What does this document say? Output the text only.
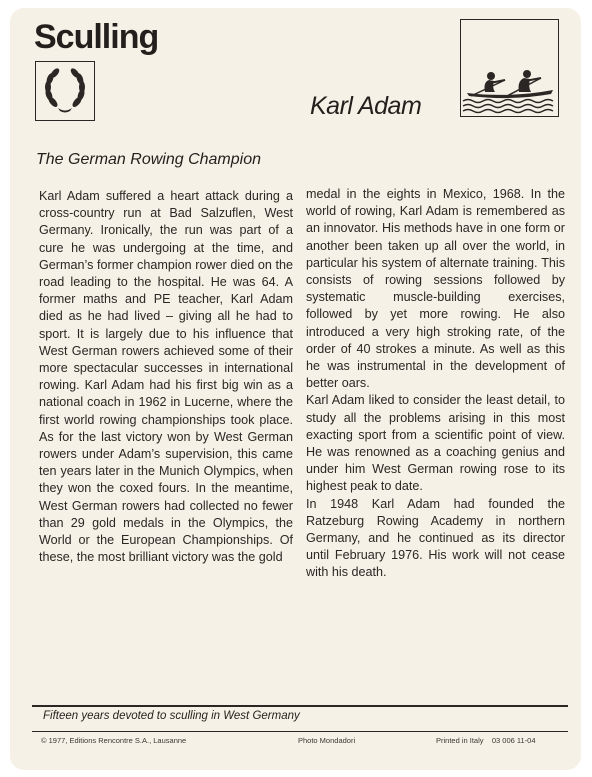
Sculling
Karl Adam
The German Rowing Champion

Karl Adam suffered a heart attack during a cross-country run at Bad Salzuflen, West Germany. Ironically, the run was part of a cure he was undergoing at the time, and German’s former champion rower died on the road leading to the hospital. He was 64. A former maths and PE teacher, Karl Adam died as he had lived – giving all he had to sport. It is largely due to his influence that West German rowers achieved some of their more spectacular successes in international rowing. Karl Adam had his first big win as a national coach in 1962 in Lucerne, where the first world rowing championships took place. As for the last victory won by West German rowers under Adam’s supervision, this came ten years later in the Munich Olympics, when they won the coxed fours. In the meantime, West German rowers had collected no fewer than 29 gold medals in the Olympics, the World or the European Championships. Of these, the most brilliant victory was the gold

medal in the eights in Mexico, 1968. In the world of rowing, Karl Adam is remembered as an innovator. His methods have in one form or another been taken up all over the world, in particular his system of alternate training. This consists of rowing sessions followed by systematic muscle-building exercises, followed by yet more rowing. He also introduced a very high stroking rate, of the order of 40 strokes a minute. As well as this he was instrumental in the development of better oars.

Karl Adam liked to consider the least detail, to study all the problems arising in this most exacting sport from a scientific point of view. He was renowned as a coaching genius and under him West German rowing rose to its highest peak to date.

In 1948 Karl Adam had founded the Ratzeburg Rowing Academy in northern Germany, and he continued as its director until February 1976. His work will not cease with his death.

Fifteen years devoted to sculling in West Germany
© 1977, Editions Rencontre S.A., Lausanne	Photo Mondadori	Printed in Italy    03 006 11-04
